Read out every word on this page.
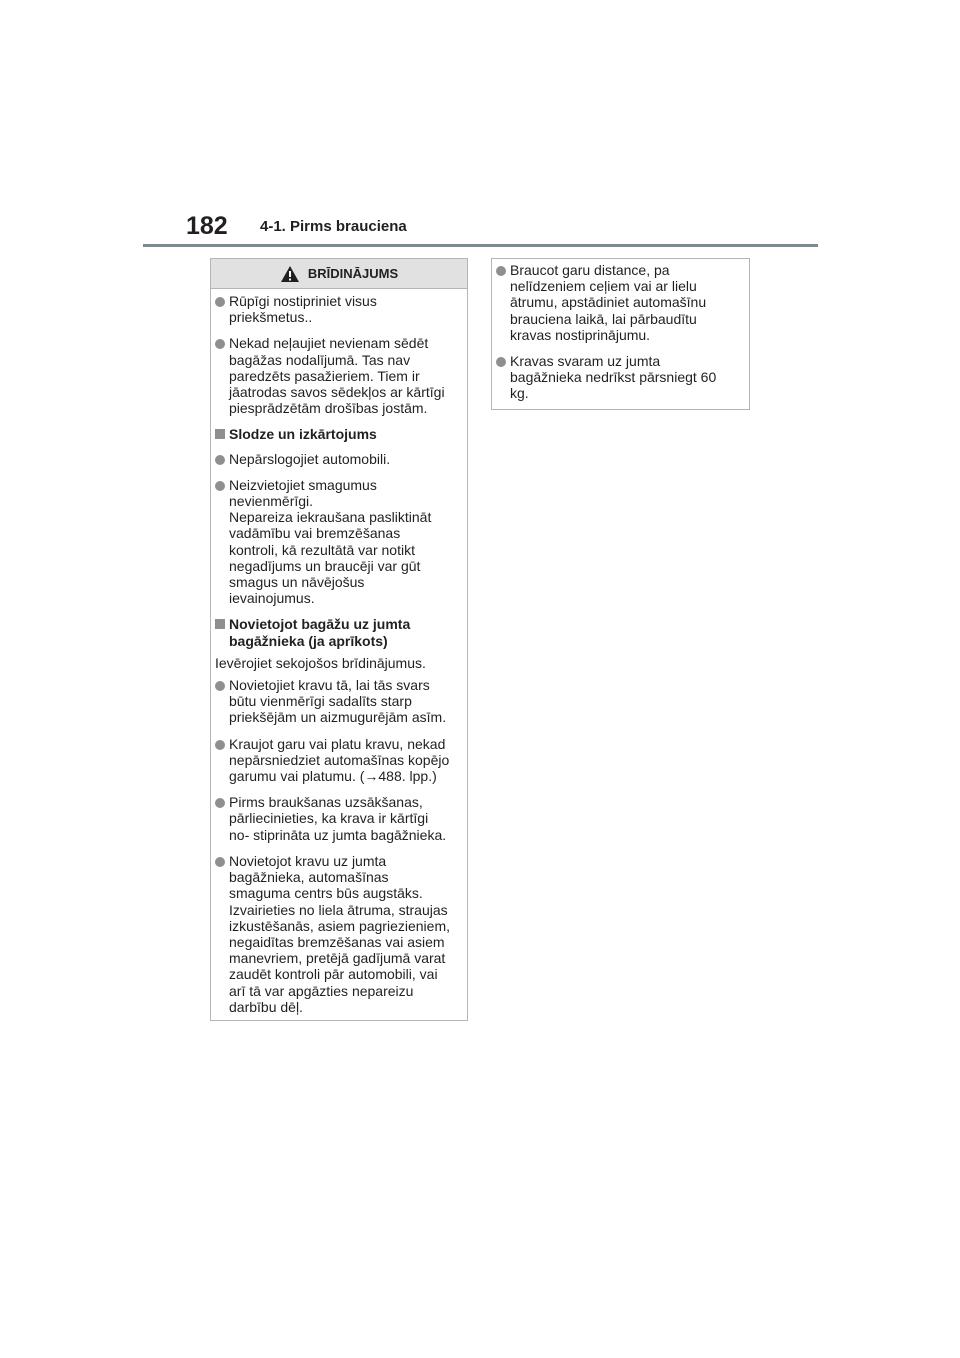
182 4-1. Pirms brauciena
BRĪDINĀJUMS
Rūpīgi nostipriniet visus
priekšmetus..
Nekad neļaujiet nevienam sēdēt
bagāžas nodalījumā. Tas nav
paredzēts pasažieriem. Tiem ir
jāatrodas savos sēdekļos ar kārtīgi
piesprādzētām drošības jostām.
Slodze un izkārtojums
Nepārslogojiet automobili.
Neizvietojiet smagumus
nevienmērīgi.
Nepareiza iekraušana pasliktināt
vadāmību vai bremzēšanas
kontroli, kā rezultātā var notikt
negadījums un braucēji var gūt
smagus un nāvējošus
ievainojumus.
Novietojot bagāžu uz jumta
bagāžnieka (ja aprīkots)
Ievērojiet sekojošos brīdinājumus.
Novietojiet kravu tā, lai tās svars
būtu vienmērīgi sadalīts starp
priekšējām un aizmugurējām asīm.
Kraujot garu vai platu kravu, nekad
nepārsniedziet automašīnas kopējo
garumu vai platumu. (→488. lpp.)
Pirms braukšanas uzsākšanas,
pārliecinieties, ka krava ir kārtīgi
no- stiprināta uz jumta bagāžnieka.
Novietojot kravu uz jumta
bagāžnieka, automašīnas
smaguma centrs būs augstāks.
Izvairieties no liela ātruma, straujas
izkustēšanās, asiem pagriezieniem,
negaidītas bremzēšanas vai asiem
manevriem, pretējā gadījumā varat
zaudēt kontroli pār automobili, vai
arī tā var apgāzties nepareizu
darbību dēļ.
Braucot garu distance, pa
nelīdzeniem ceļiem vai ar lielu
ātrumu, apstādiniet automašīnu
brauciena laikā, lai pārbaudītu
kravas nostiprinājumu.
Kravas svaram uz jumta
bagāžnieka nedrīkst pārsniegt 60
kg.
